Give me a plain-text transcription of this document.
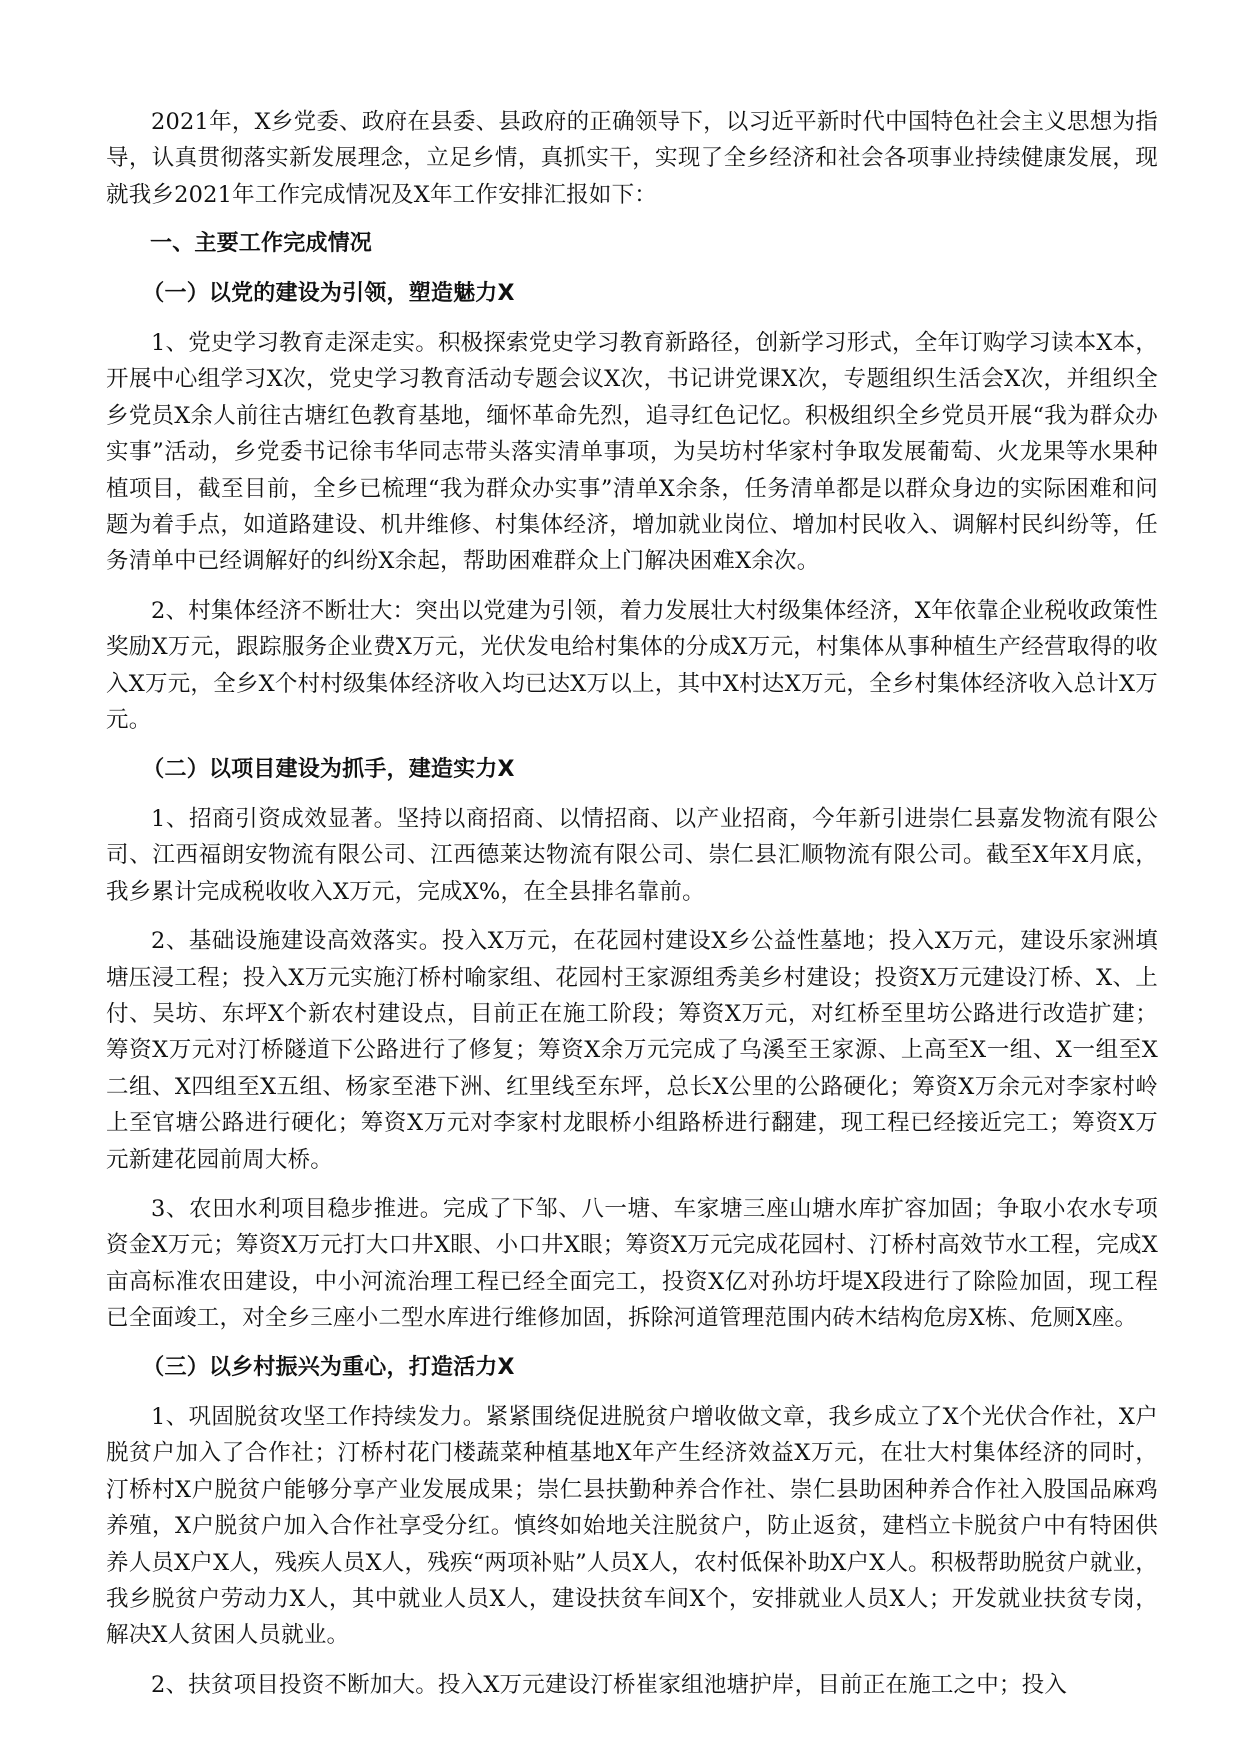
2021年，X乡党委、政府在县委、县政府的正确领导下，以习近平新时代中国特色社会主义思想为指导，认真贯彻落实新发展理念，立足乡情，真抓实干，实现了全乡经济和社会各项事业持续健康发展，现就我乡2021年工作完成情况及X年工作安排汇报如下：

一、主要工作完成情况

（一）以党的建设为引领，塑造魅力X

1、党史学习教育走深走实。积极探索党史学习教育新路径，创新学习形式，全年订购学习读本X本，开展中心组学习X次，党史学习教育活动专题会议X次，书记讲党课X次，专题组织生活会X次，并组织全乡党员X余人前往古塘红色教育基地，缅怀革命先烈，追寻红色记忆。积极组织全乡党员开展“我为群众办实事”活动，乡党委书记徐韦华同志带头落实清单事项，为吴坊村华家村争取发展葡萄、火龙果等水果种植项目，截至目前，全乡已梳理“我为群众办实事”清单X余条，任务清单都是以群众身边的实际困难和问题为着手点，如道路建设、机井维修、村集体经济，增加就业岗位、增加村民收入、调解村民纠纷等，任务清单中已经调解好的纠纷X余起，帮助困难群众上门解决困难X余次。

2、村集体经济不断壮大：突出以党建为引领，着力发展壮大村级集体经济，X年依靠企业税收政策性奖励X万元，跟踪服务企业费X万元，光伏发电给村集体的分成X万元，村集体从事种植生产经营取得的收入X万元，全乡X个村村级集体经济收入均已达X万以上，其中X村达X万元，全乡村集体经济收入总计X万元。

（二）以项目建设为抓手，建造实力X

1、招商引资成效显著。坚持以商招商、以情招商、以产业招商，今年新引进崇仁县嘉发物流有限公司、江西福朗安物流有限公司、江西德莱达物流有限公司、崇仁县汇顺物流有限公司。截至X年X月底，我乡累计完成税收收入X万元，完成X%，在全县排名靠前。

2、基础设施建设高效落实。投入X万元，在花园村建设X乡公益性墓地；投入X万元，建设乐家洲填塘压浸工程；投入X万元实施汀桥村喻家组、花园村王家源组秀美乡村建设；投资X万元建设汀桥、X、上付、吴坊、东坪X个新农村建设点，目前正在施工阶段；筹资X万元，对红桥至里坊公路进行改造扩建；筹资X万元对汀桥隧道下公路进行了修复；筹资X余万元完成了乌溪至王家源、上高至X一组、X一组至X二组、X四组至X五组、杨家至港下洲、红里线至东坪，总长X公里的公路硬化；筹资X万余元对李家村岭上至官塘公路进行硬化；筹资X万元对李家村龙眼桥小组路桥进行翻建，现工程已经接近完工；筹资X万元新建花园前周大桥。

3、农田水利项目稳步推进。完成了下邹、八一塘、车家塘三座山塘水库扩容加固；争取小农水专项资金X万元；筹资X万元打大口井X眼、小口井X眼；筹资X万元完成花园村、汀桥村高效节水工程，完成X亩高标准农田建设，中小河流治理工程已经全面完工，投资X亿对孙坊圩堤X段进行了除险加固，现工程已全面竣工，对全乡三座小二型水库进行维修加固，拆除河道管理范围内砖木结构危房X栋、危厕X座。

（三）以乡村振兴为重心，打造活力X

1、巩固脱贫攻坚工作持续发力。紧紧围绕促进脱贫户增收做文章，我乡成立了X个光伏合作社，X户脱贫户加入了合作社；汀桥村花门楼蔬菜种植基地X年产生经济效益X万元，在壮大村集体经济的同时，汀桥村X户脱贫户能够分享产业发展成果；崇仁县扶勤种养合作社、崇仁县助困种养合作社入股国品麻鸡养殖，X户脱贫户加入合作社享受分红。慎终如始地关注脱贫户，防止返贫，建档立卡脱贫户中有特困供养人员X户X人，残疾人员X人，残疾“两项补贴”人员X人，农村低保补助X户X人。积极帮助脱贫户就业，我乡脱贫户劳动力X人，其中就业人员X人，建设扶贫车间X个，安排就业人员X人；开发就业扶贫专岗，解决X人贫困人员就业。

2、扶贫项目投资不断加大。投入X万元建设汀桥崔家组池塘护岸，目前正在施工之中；投入
